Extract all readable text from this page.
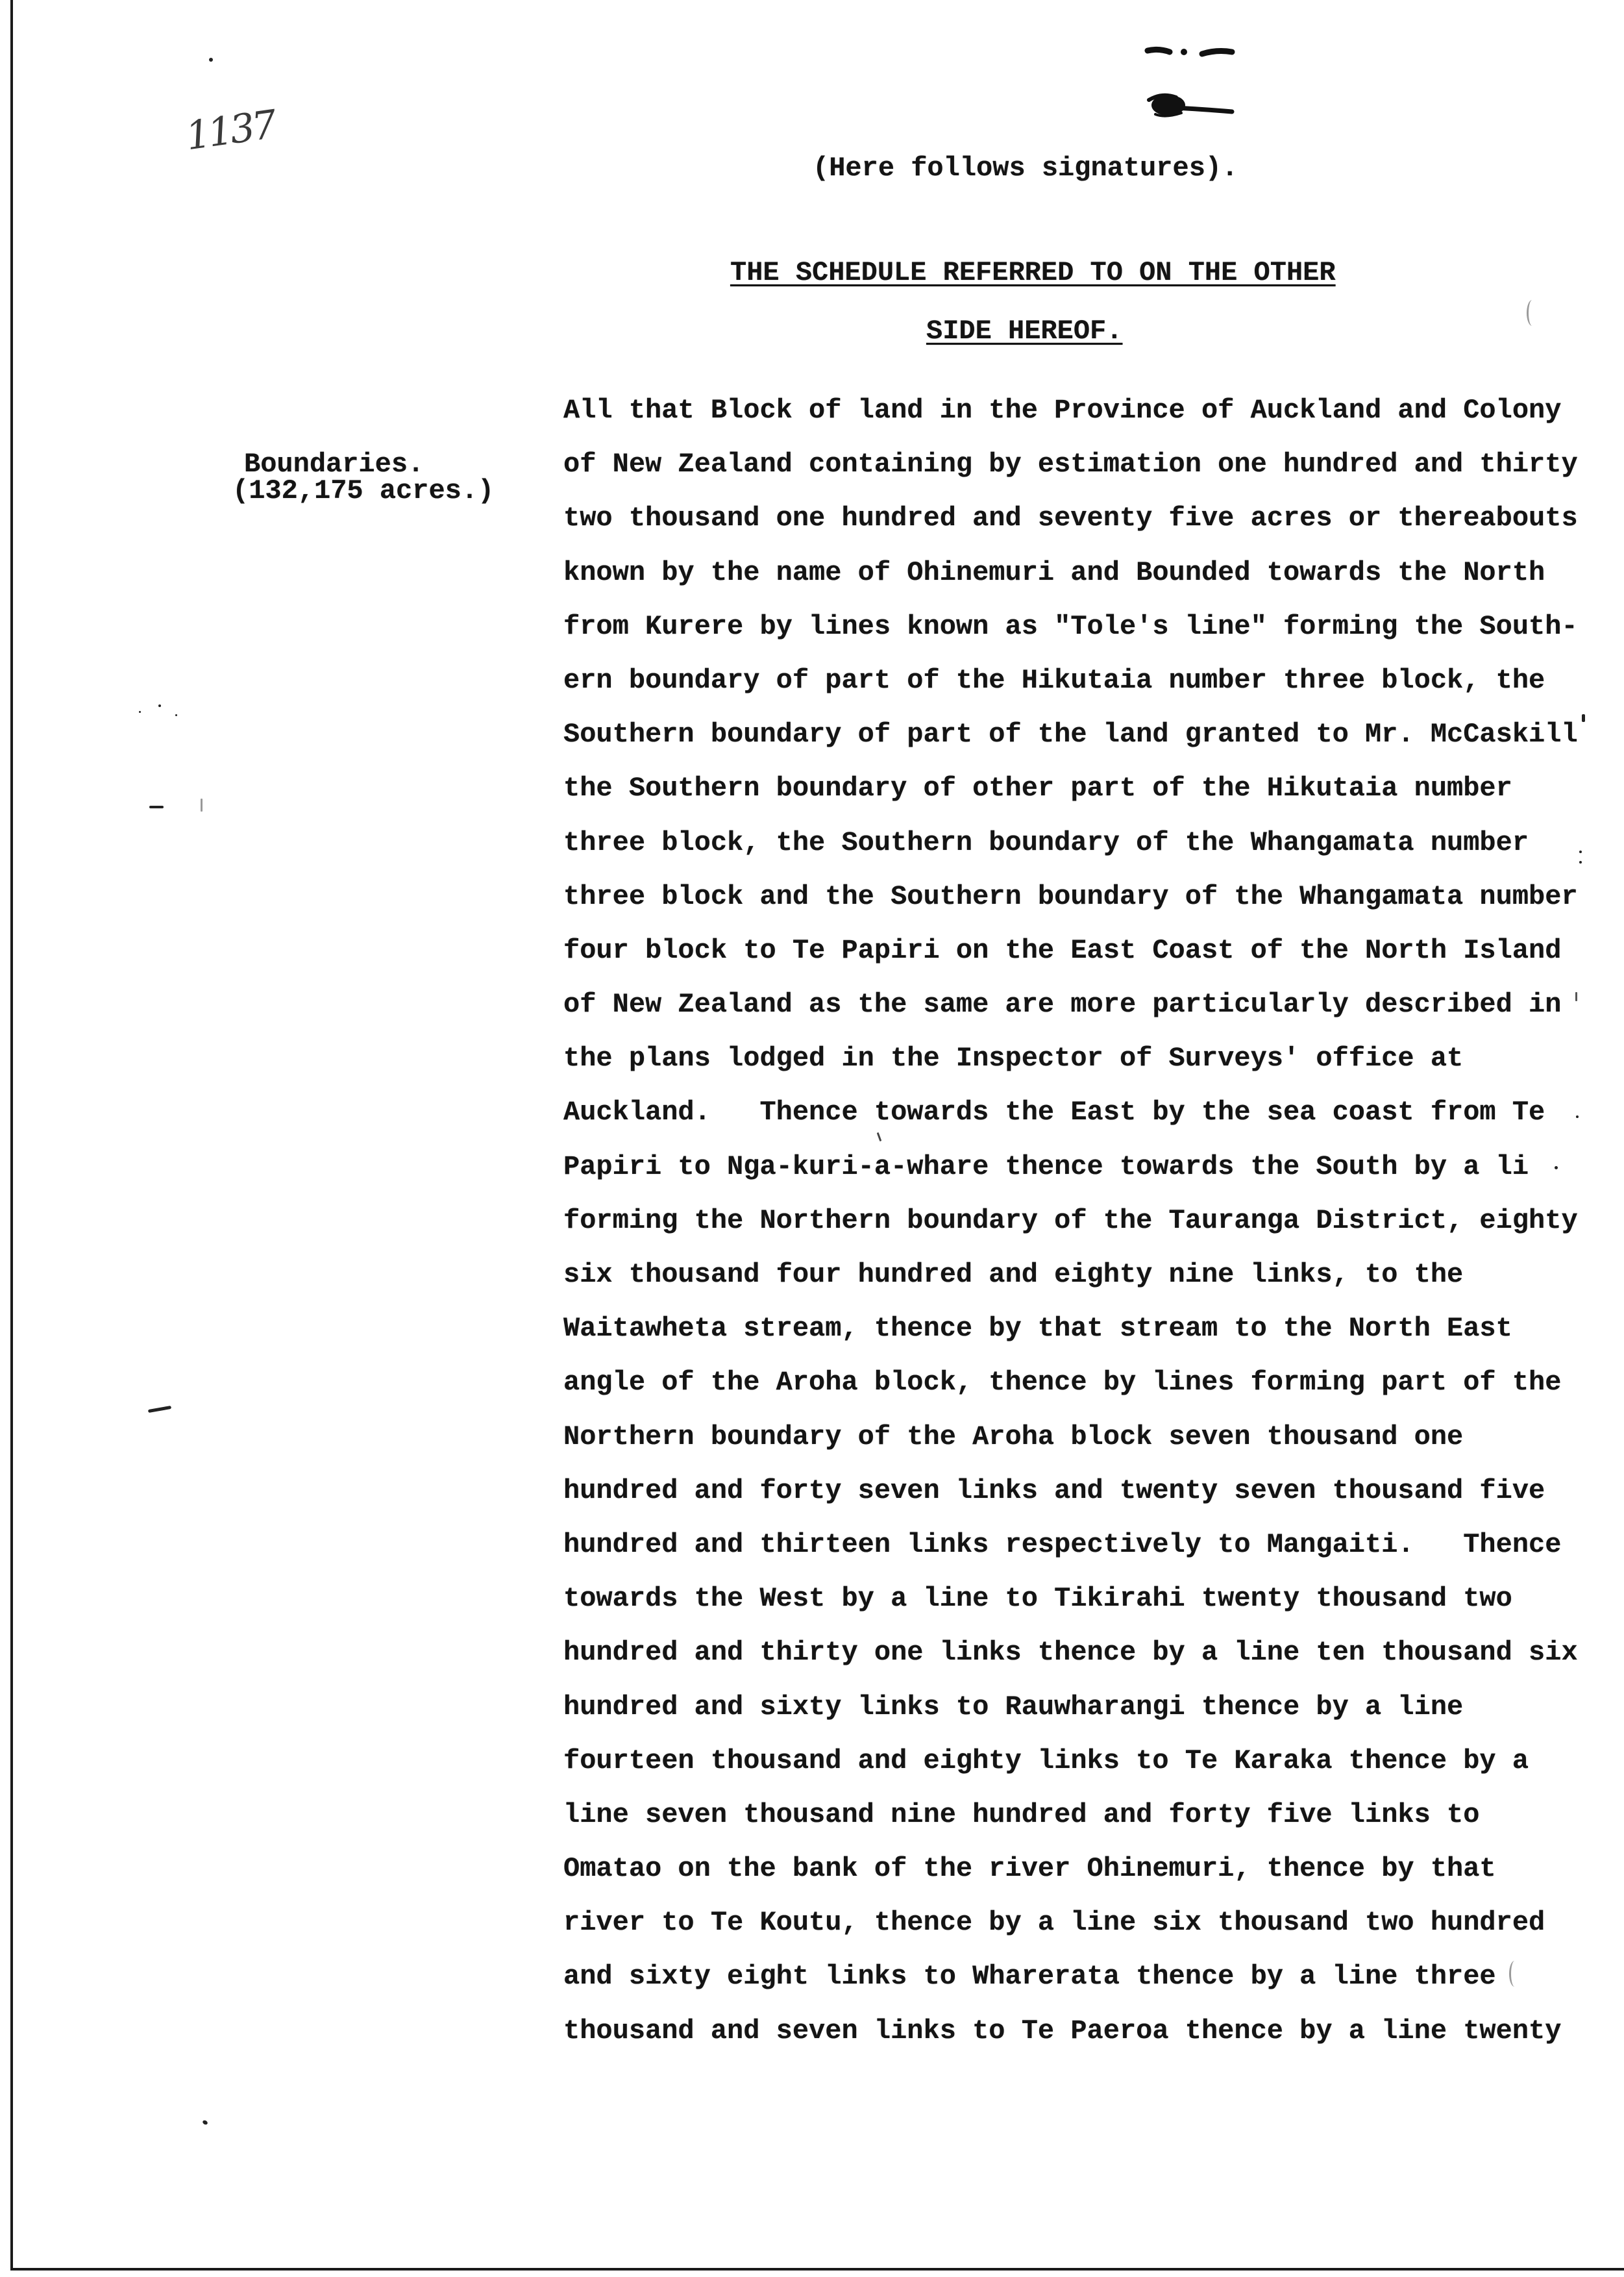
1137
(Here follows signatures).
THE SCHEDULE REFERRED TO ON THE OTHER
SIDE HEREOF.
Boundaries.
(132,175 acres.)
All that Block of land in the Province of Auckland and Colony
of New Zealand containing by estimation one hundred and thirty
two thousand one hundred and seventy five acres or thereabouts
known by the name of Ohinemuri and Bounded towards the North
from Kurere by lines known as "Tole's line" forming the South-
ern boundary of part of the Hikutaia number three block, the
Southern boundary of part of the land granted to Mr. McCaskill
the Southern boundary of other part of the Hikutaia number
three block, the Southern boundary of the Whangamata number
three block and the Southern boundary of the Whangamata number
four block to Te Papiri on the East Coast of the North Island
of New Zealand as the same are more particularly described in
the plans lodged in the Inspector of Surveys' office at
Auckland.   Thence towards the East by the sea coast from Te
Papiri to Nga-kuri-a-whare thence towards the South by a li
forming the Northern boundary of the Tauranga District, eighty
six thousand four hundred and eighty nine links, to the
Waitawheta stream, thence by that stream to the North East
angle of the Aroha block, thence by lines forming part of the
Northern boundary of the Aroha block seven thousand one
hundred and forty seven links and twenty seven thousand five
hundred and thirteen links respectively to Mangaiti.   Thence
towards the West by a line to Tikirahi twenty thousand two
hundred and thirty one links thence by a line ten thousand six
hundred and sixty links to Rauwharangi thence by a line
fourteen thousand and eighty links to Te Karaka thence by a
line seven thousand nine hundred and forty five links to
Omatao on the bank of the river Ohinemuri, thence by that
river to Te Koutu, thence by a line six thousand two hundred
and sixty eight links to Wharerata thence by a line three
thousand and seven links to Te Paeroa thence by a line twenty
